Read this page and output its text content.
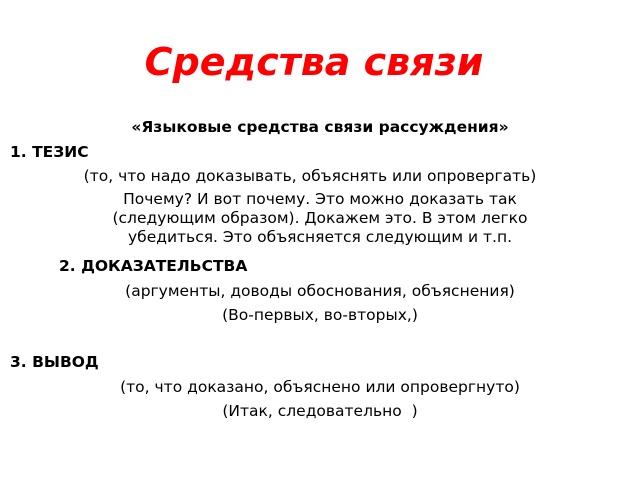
Средства связи
«Языковые средства связи рассуждения»
1. ТЕЗИС
(то, что надо доказывать, объяснять или опровергать)
Почему? И вот почему. Это можно доказать так
(следующим образом). Докажем это. В этом легко
убедиться. Это объясняется следующим и т.п.
2. ДОКАЗАТЕЛЬСТВА
(аргументы, доводы обоснования, объяснения)
(Во-первых, во-вторых,)
3. ВЫВОД
(то, что доказано, объяснено или опровергнуто)
(Итак, следовательно  )
